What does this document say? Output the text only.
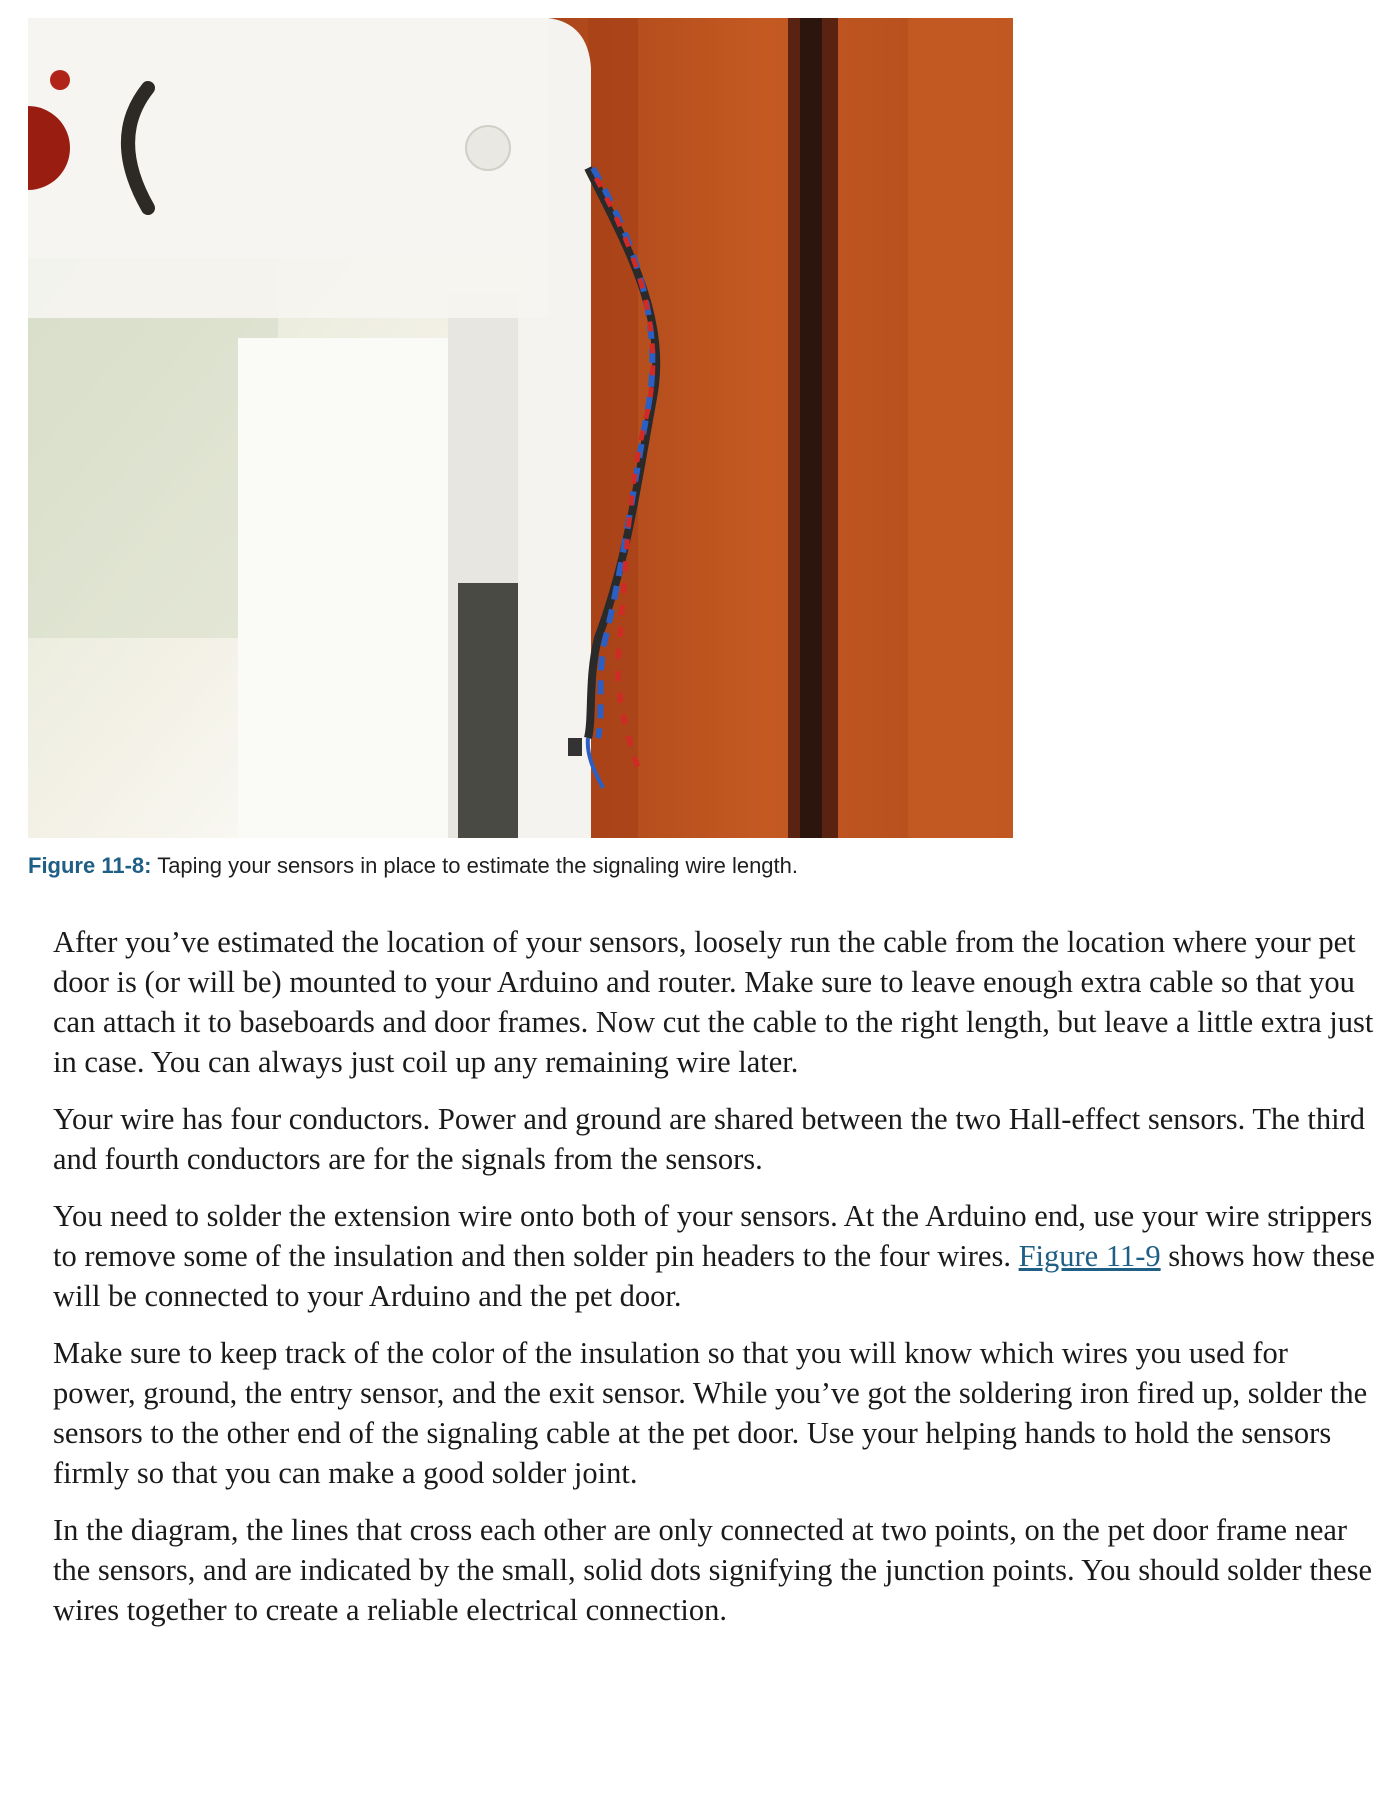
Figure 11-8: Taping your sensors in place to estimate the signaling wire length.

After you’ve estimated the location of your sensors, loosely run the cable from the location where your pet door is (or will be) mounted to your Arduino and router. Make sure to leave enough extra cable so that you can attach it to baseboards and door frames. Now cut the cable to the right length, but leave a little extra just in case. You can always just coil up any remaining wire later.

Your wire has four conductors. Power and ground are shared between the two Hall-effect sensors. The third and fourth conductors are for the signals from the sensors.

You need to solder the extension wire onto both of your sensors. At the Arduino end, use your wire strippers to remove some of the insulation and then solder pin headers to the four wires. Figure 11-9 shows how these will be connected to your Arduino and the pet door.

Make sure to keep track of the color of the insulation so that you will know which wires you used for power, ground, the entry sensor, and the exit sensor. While you’ve got the soldering iron fired up, solder the sensors to the other end of the signaling cable at the pet door. Use your helping hands to hold the sensors firmly so that you can make a good solder joint.

In the diagram, the lines that cross each other are only connected at two points, on the pet door frame near the sensors, and are indicated by the small, solid dots signifying the junction points. You should solder these wires together to create a reliable electrical connection.
